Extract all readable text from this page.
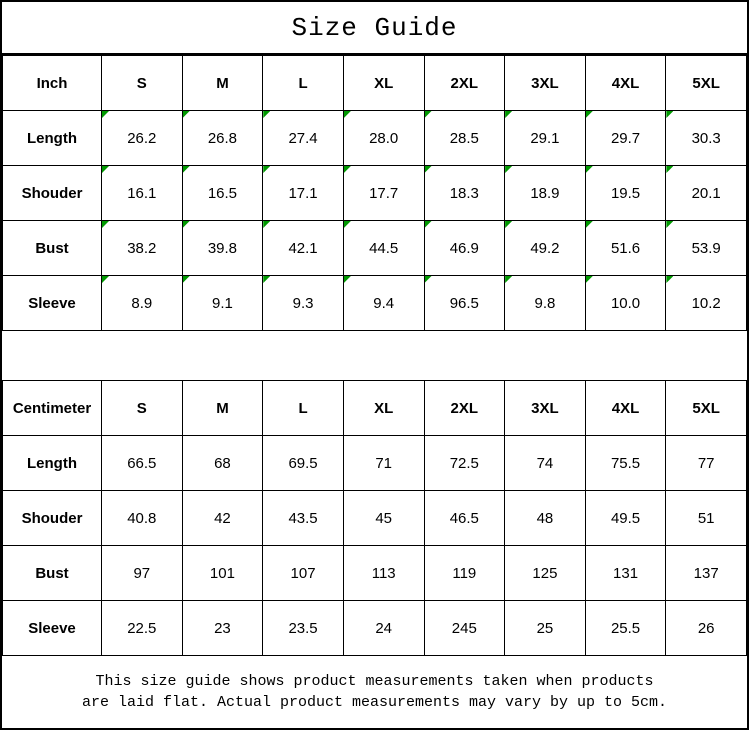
Size Guide
Inch	S	M	L	XL	2XL	3XL	4XL	5XL
Length	26.2	26.8	27.4	28.0	28.5	29.1	29.7	30.3
Shouder	16.1	16.5	17.1	17.7	18.3	18.9	19.5	20.1
Bust	38.2	39.8	42.1	44.5	46.9	49.2	51.6	53.9
Sleeve	8.9	9.1	9.3	9.4	96.5	9.8	10.0	10.2
Centimeter	S	M	L	XL	2XL	3XL	4XL	5XL
Length	66.5	68	69.5	71	72.5	74	75.5	77
Shouder	40.8	42	43.5	45	46.5	48	49.5	51
Bust	97	101	107	113	119	125	131	137
Sleeve	22.5	23	23.5	24	245	25	25.5	26
This size guide shows product measurements taken when products
are laid flat. Actual product measurements may vary by up to 5cm.
